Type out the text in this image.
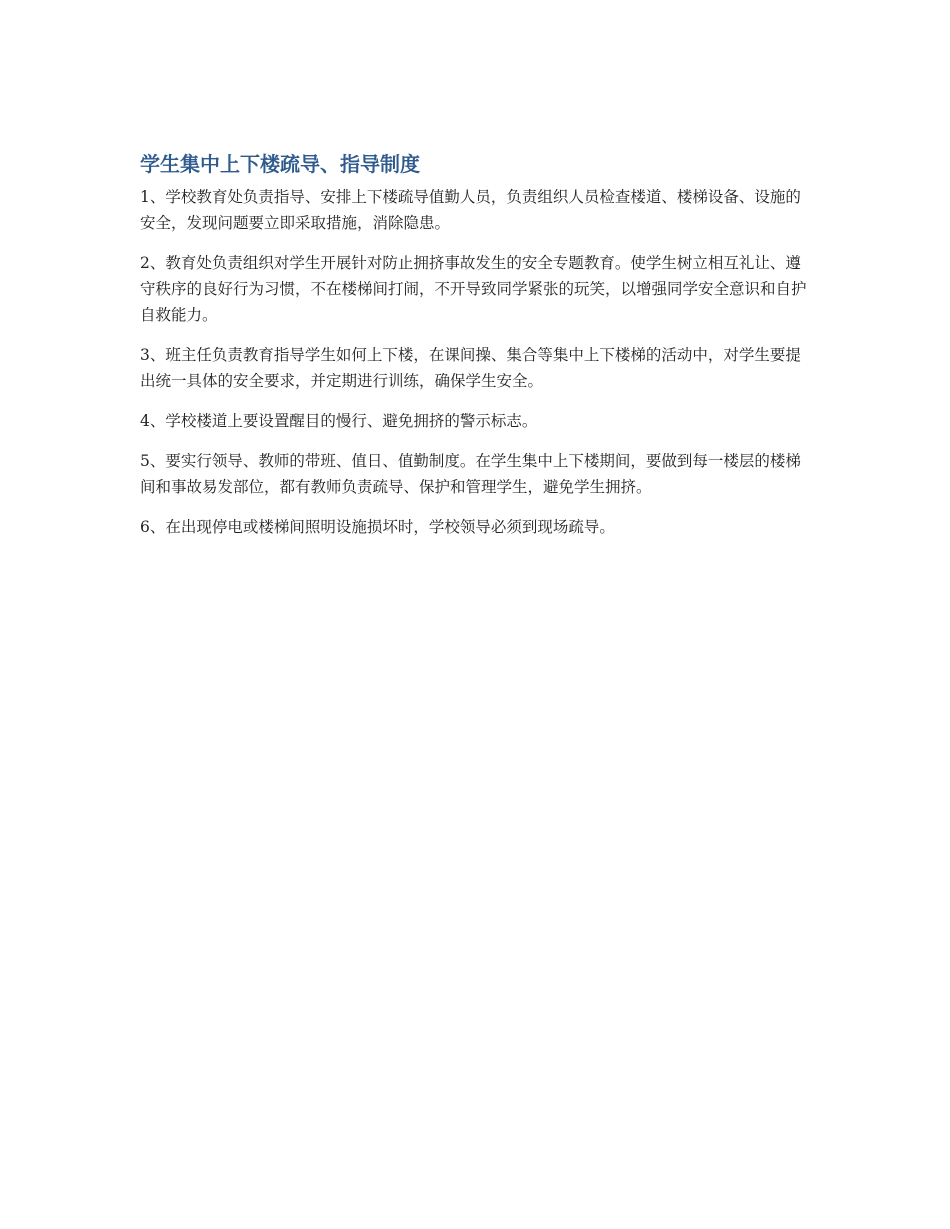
学生集中上下楼疏导、指导制度

1、学校教育处负责指导、安排上下楼疏导值勤人员，负责组织人员检查楼道、楼梯设备、设施的安全，发现问题要立即采取措施，消除隐患。

2、教育处负责组织对学生开展针对防止拥挤事故发生的安全专题教育。使学生树立相互礼让、遵守秩序的良好行为习惯，不在楼梯间打闹，不开导致同学紧张的玩笑，以增强同学安全意识和自护自救能力。

3、班主任负责教育指导学生如何上下楼，在课间操、集合等集中上下楼梯的活动中，对学生要提出统一具体的安全要求，并定期进行训练，确保学生安全。

4、学校楼道上要设置醒目的慢行、避免拥挤的警示标志。

5、要实行领导、教师的带班、值日、值勤制度。在学生集中上下楼期间，要做到每一楼层的楼梯间和事故易发部位，都有教师负责疏导、保护和管理学生，避免学生拥挤。

6、在出现停电或楼梯间照明设施损坏时，学校领导必须到现场疏导。
